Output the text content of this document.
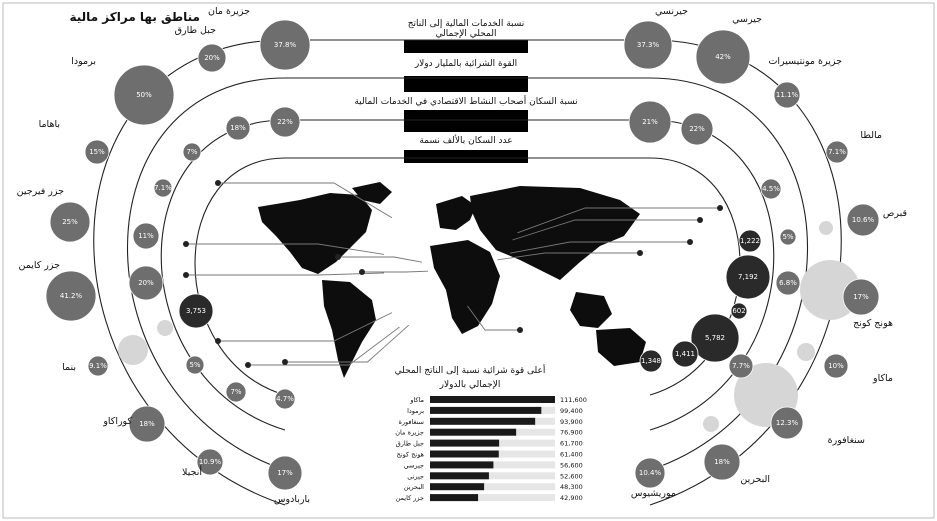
مناطق بها مراكز مالية	نسبة الخدمات المالية إلى الناتج
المحلي الإجمالي
القوة الشرائية بالمليار دولار
نسبة السكان أصحاب النشاط الاقتصادي في الخدمات المالية
عدد السكان بالألف نسمة
37.8%
22%
20%
18%
50%
7%
15%
7.1%
25%
11%
41.2%
20%
3,753
9.1%	5%
18%
7%
10.9%
4.7%
17%
37.3%
21%
42%
22%
11.1%
4.5%
7.1%
5%
10.6%
6.8%
1,222
17%
7,192
602
10%
7.7%
5,782
12.3%
1,411
18%
1,348
10.4%
جزيرة مان
جبل طارق
برمودا
باهاما
جزر فيرجين
جزر كايمن
بنما
كوراكاو
أنجيلا
باربادوس
جيرنسي
جيرسي
جزيرة مونتيسيرات
مالطا
قبرص
هونج كونج
ماكاو
سنغافورة
البحرين
موريشيوس
أعلى قوة شرائية نسبة إلى الناتج المحلي
الإجمالي بالدولار
ماكاو	111,600
برمودا	99,400
سنغافورة	93,900
جزيرة مان	76,900
جبل طارق	61,700
هونج كونج	61,400
جيرسي	56,600
جيرنى	52,600
البحرين	48,300
جزر كايمن	42,900
